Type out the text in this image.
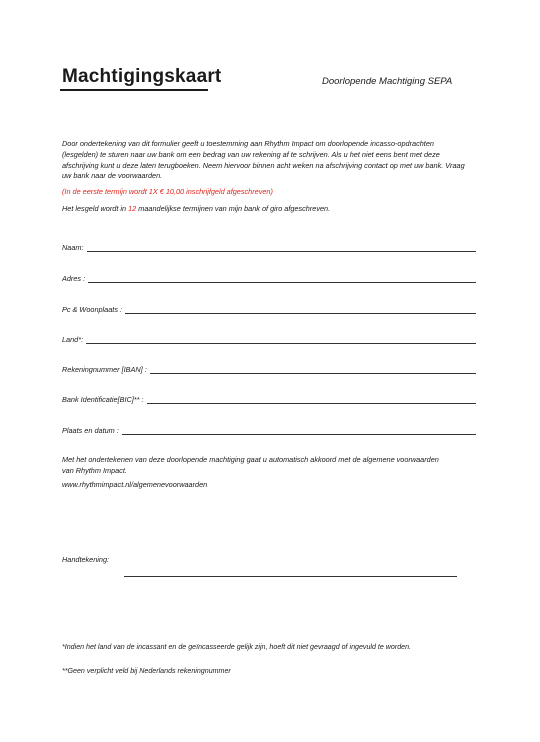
Machtigingskaart	Doorlopende Machtiging SEPA
Door ondertekening van dit formulier geeft u toestemming aan Rhythm Impact om doorlopende incasso-opdrachten (lesgelden) te sturen naar uw bank om een bedrag van uw rekening af te schrijven. Als u het niet eens bent met deze afschrijving kunt u deze laten terugboeken. Neem hiervoor binnen acht weken na afschrijving contact op met uw bank. Vraag uw bank naar de voorwaarden.
(In de eerste termijn wordt 1X € 10,00 inschrijfgeld afgeschreven)
Het lesgeld wordt in 12 maandelijkse termijnen van mijn bank of giro afgeschreven.
Naam:
Adres :
Pc & Woonplaats :
Land*:
Rekeningnummer [IBAN] :
Bank Identificatie[BIC]** :
Plaats en datum :
Met het ondertekenen van deze doorlopende machtiging gaat u automatisch akkoord met de algemene voorwaarden van Rhythm Impact.
www.rhythmimpact.nl/algemenevoorwaarden
Handtekening:
*Indien het land van de incassant en de geïncasseerde gelijk zijn, hoeft dit niet gevraagd of ingevuld te worden.
**Geen verplicht veld bij Nederlands rekeningnummer
